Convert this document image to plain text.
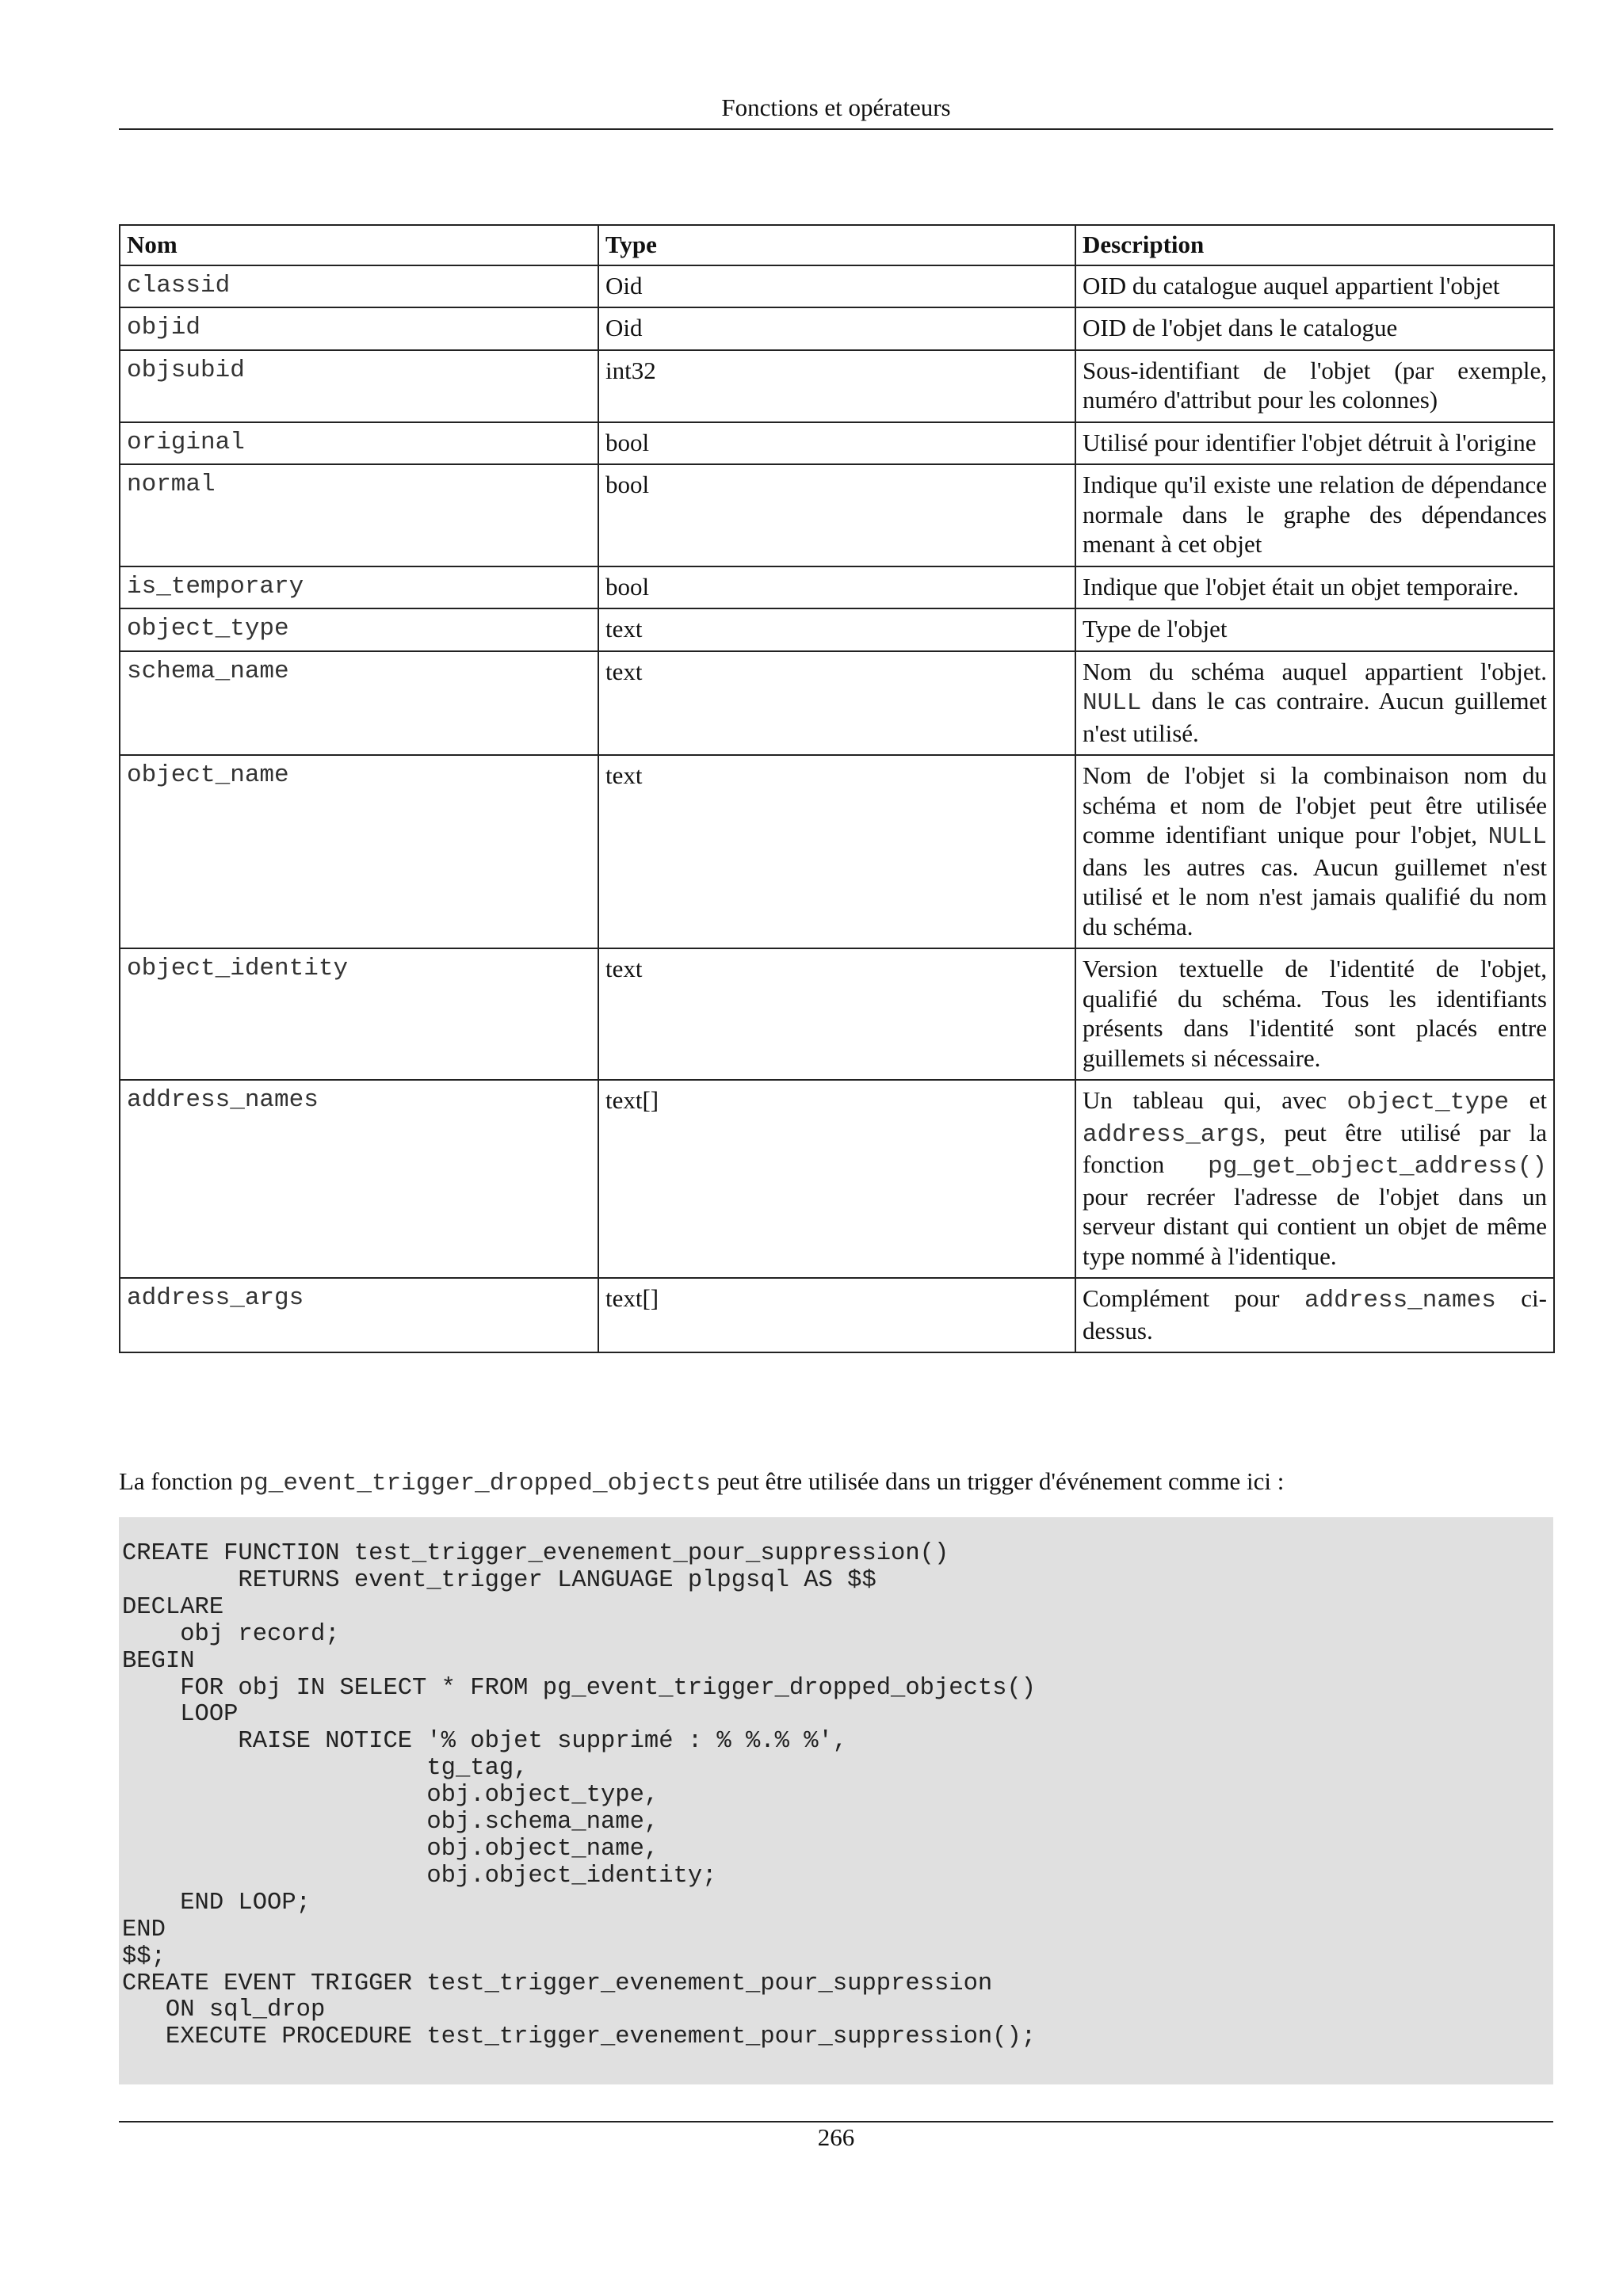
Fonctions et opérateurs
Nom	Type	Description
classid	Oid	OID du catalogue auquel appartient l'objet
objid	Oid	OID de l'objet dans le catalogue
objsubid	int32	Sous-identifiant de l'objet (par exemple, numéro d'attribut pour les colonnes)
original	bool	Utilisé pour identifier l'objet détruit à l'origine
normal	bool	Indique qu'il existe une relation de dépendance normale dans le graphe des dépendances menant à cet objet
is_temporary	bool	Indique que l'objet était un objet temporaire.
object_type	text	Type de l'objet
schema_name	text	Nom du schéma auquel appartient l'objet. NULL dans le cas contraire. Aucun guillemet n'est utilisé.
object_name	text	Nom de l'objet si la combinaison nom du schéma et nom de l'objet peut être utilisée comme identifiant unique pour l'objet, NULL dans les autres cas. Aucun guillemet n'est utilisé et le nom n'est jamais qualifié du nom du schéma.
object_identity	text	Version textuelle de l'identité de l'objet, qualifié du schéma. Tous les identifiants présents dans l'identité sont placés entre guillemets si nécessaire.
address_names	text[]	Un tableau qui, avec object_type et address_args, peut être utilisé par la fonction pg_get_object_address() pour recréer l'adresse de l'objet dans un serveur distant qui contient un objet de même type nommé à l'identique.
address_args	text[]	Complément pour address_names ci-dessus.

La fonction pg_event_trigger_dropped_objects peut être utilisée dans un trigger d'événement comme ici :

CREATE FUNCTION test_trigger_evenement_pour_suppression()
RETURNS event_trigger LANGUAGE plpgsql AS $$
DECLARE
obj record;
BEGIN
FOR obj IN SELECT * FROM pg_event_trigger_dropped_objects()
LOOP
RAISE NOTICE '% objet supprimé : % %.% %',
tg_tag,
obj.object_type,
obj.schema_name,
obj.object_name,
obj.object_identity;
END LOOP;
END
$$;
CREATE EVENT TRIGGER test_trigger_evenement_pour_suppression
ON sql_drop
EXECUTE PROCEDURE test_trigger_evenement_pour_suppression();
266
